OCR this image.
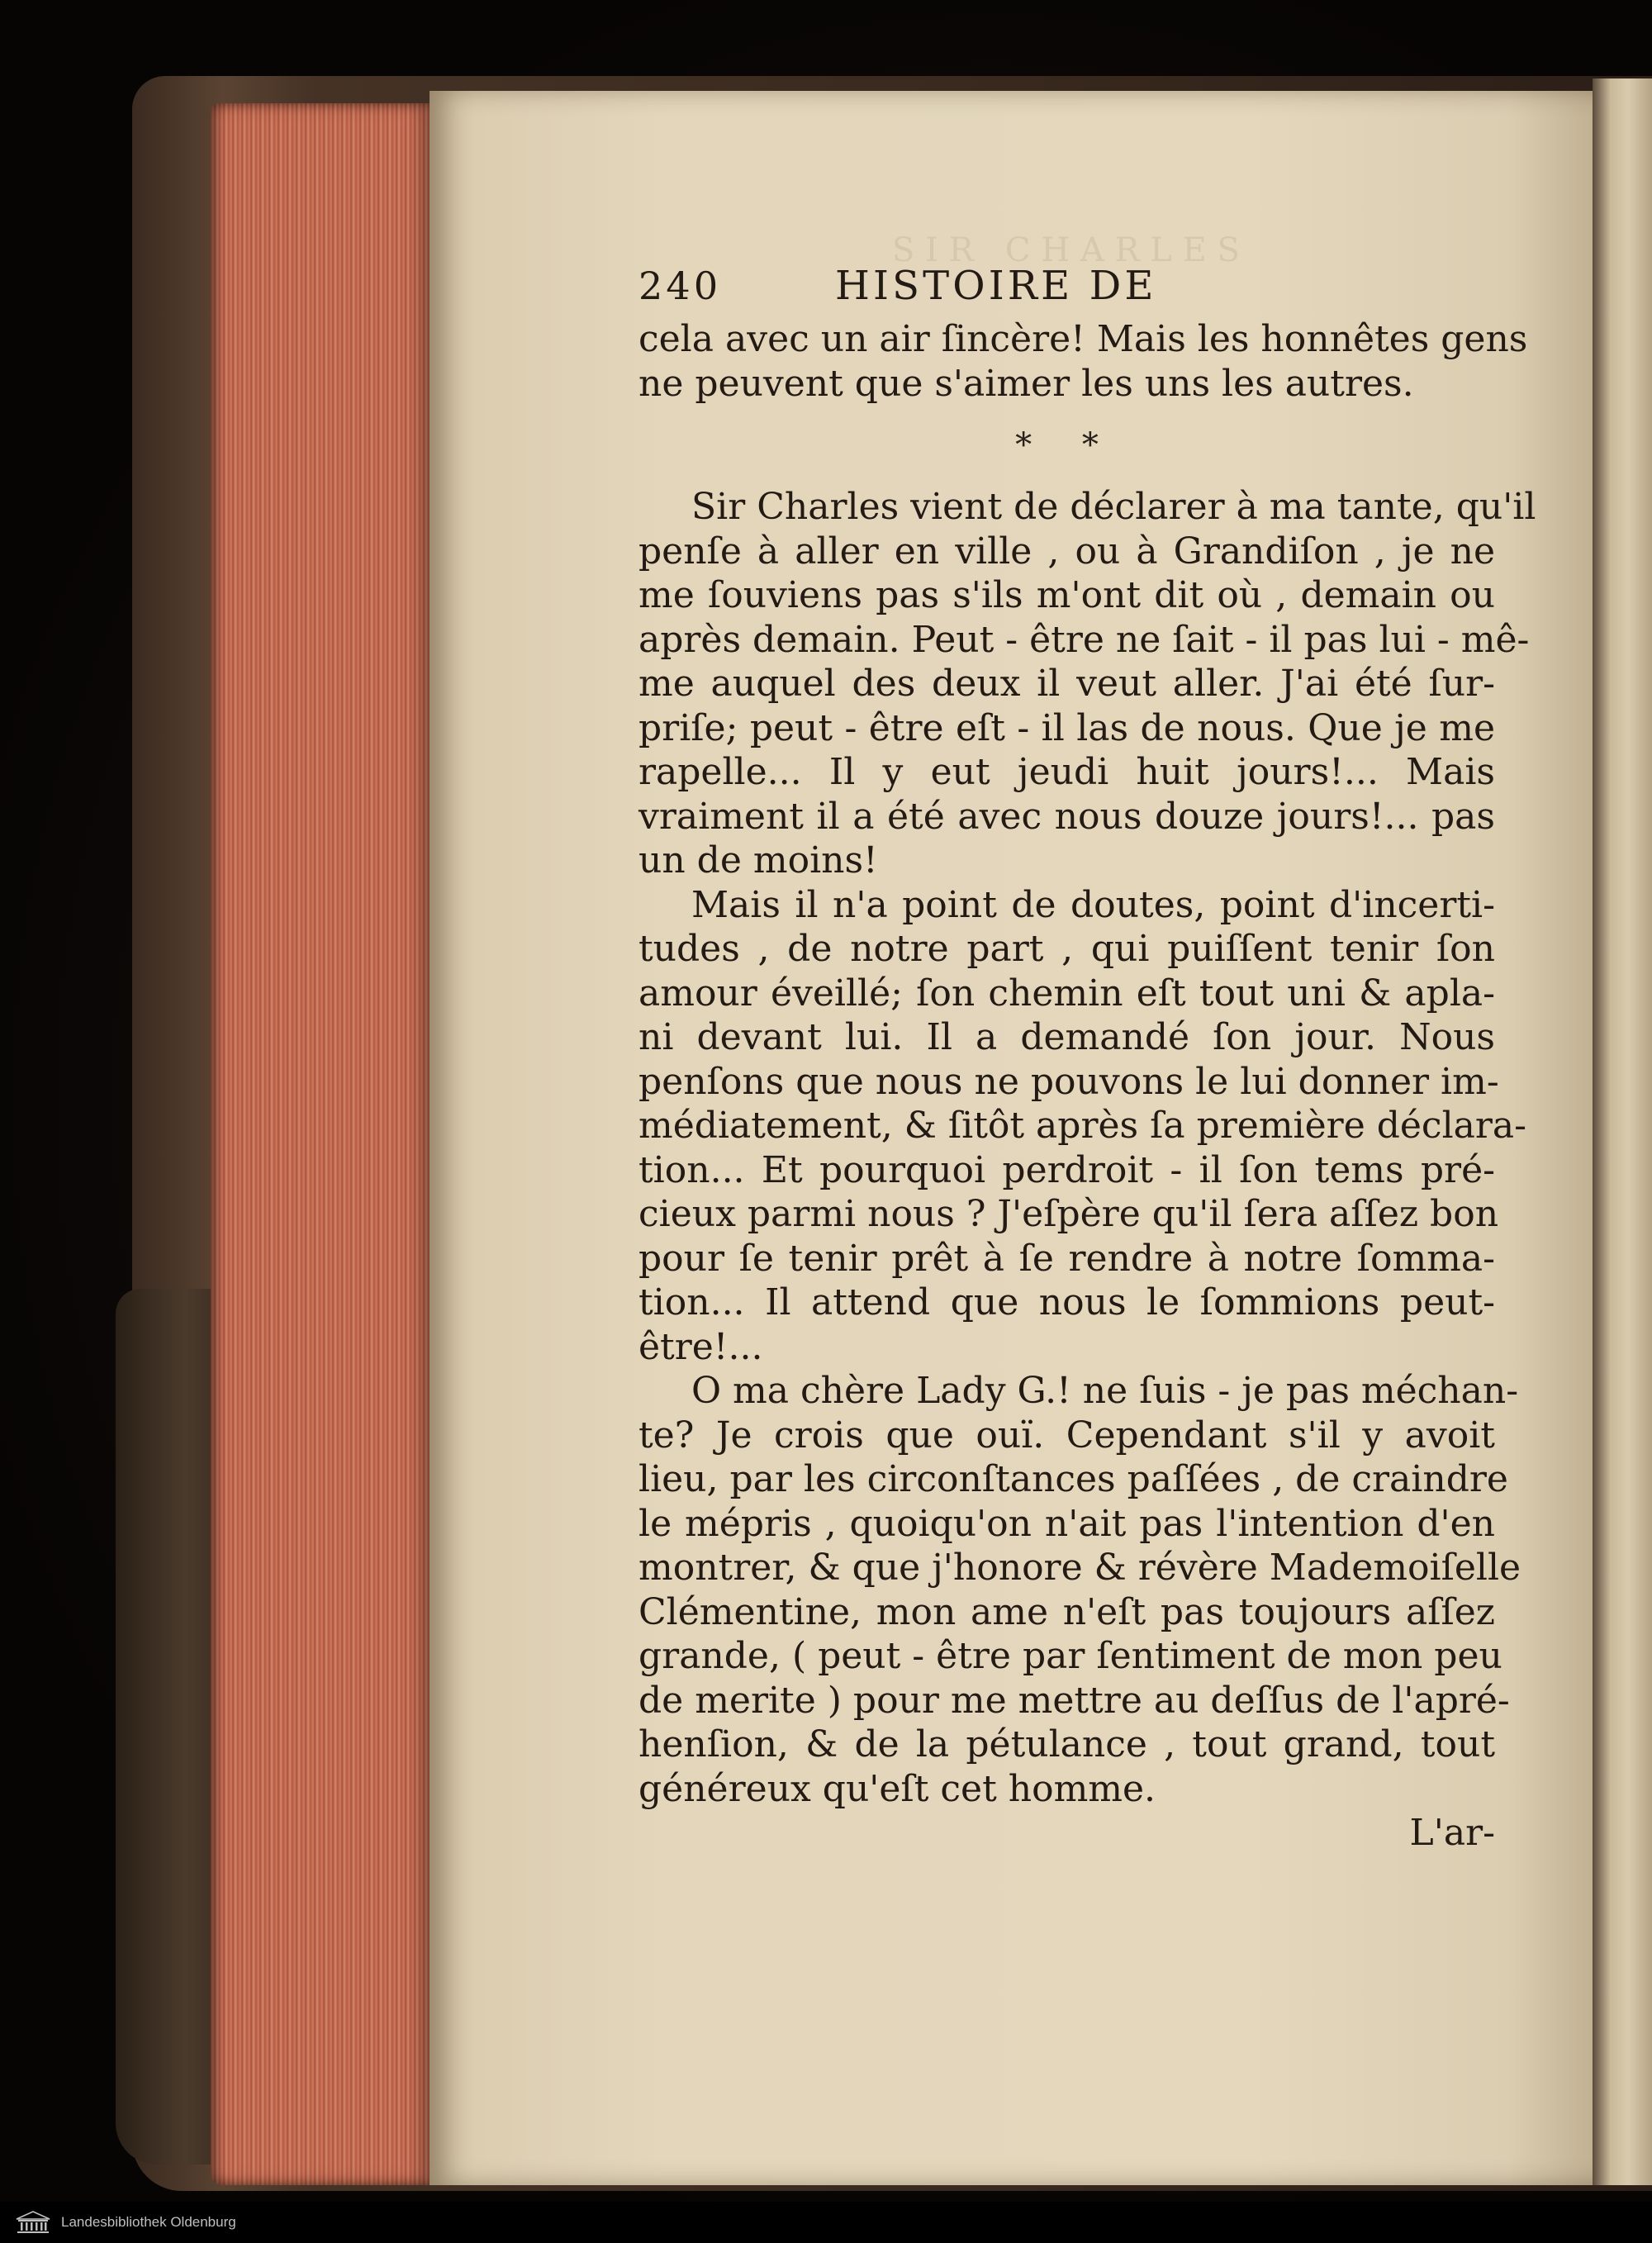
S I R   C H A R L E S
240	HISTOIRE DE
cela avec un air ſincère! Mais les honnêtes gens
ne peuvent que s'aimer les uns les autres.
* *
Sir Charles vient de déclarer à ma tante, qu'il
penſe à aller en ville , ou à Grandiſon , je ne
me ſouviens pas s'ils m'ont dit où , demain ou
après demain. Peut - être ne ſait - il pas lui - mê-
me auquel des deux il veut aller. J'ai été ſur-
priſe; peut - être eſt - il las de nous. Que je me
rapelle... Il y eut jeudi huit jours!... Mais
vraiment il a été avec nous douze jours!... pas
un de moins!
Mais il n'a point de doutes, point d'incerti-
tudes , de notre part , qui puiſſent tenir ſon
amour éveillé; ſon chemin eſt tout uni & apla-
ni devant lui. Il a demandé ſon jour. Nous
penſons que nous ne pouvons le lui donner im-
médiatement, & ſitôt après ſa première déclara-
tion... Et pourquoi perdroit - il ſon tems pré-
cieux parmi nous ? J'eſpère qu'il ſera aſſez bon
pour ſe tenir prêt à ſe rendre à notre ſomma-
tion... Il attend que nous le ſommions peut-
être!...
O ma chère Lady G.! ne ſuis - je pas méchan-
te? Je crois que ouï. Cependant s'il y avoit
lieu, par les circonſtances paſſées , de craindre
le mépris , quoiqu'on n'ait pas l'intention d'en
montrer, & que j'honore & révère Mademoiſelle
Clémentine, mon ame n'eſt pas toujours aſſez
grande, ( peut - être par ſentiment de mon peu
de merite ) pour me mettre au deſſus de l'apré-
henſion, & de la pétulance , tout grand, tout
généreux qu'eſt cet homme.
L'ar-
Landesbibliothek Oldenburg
